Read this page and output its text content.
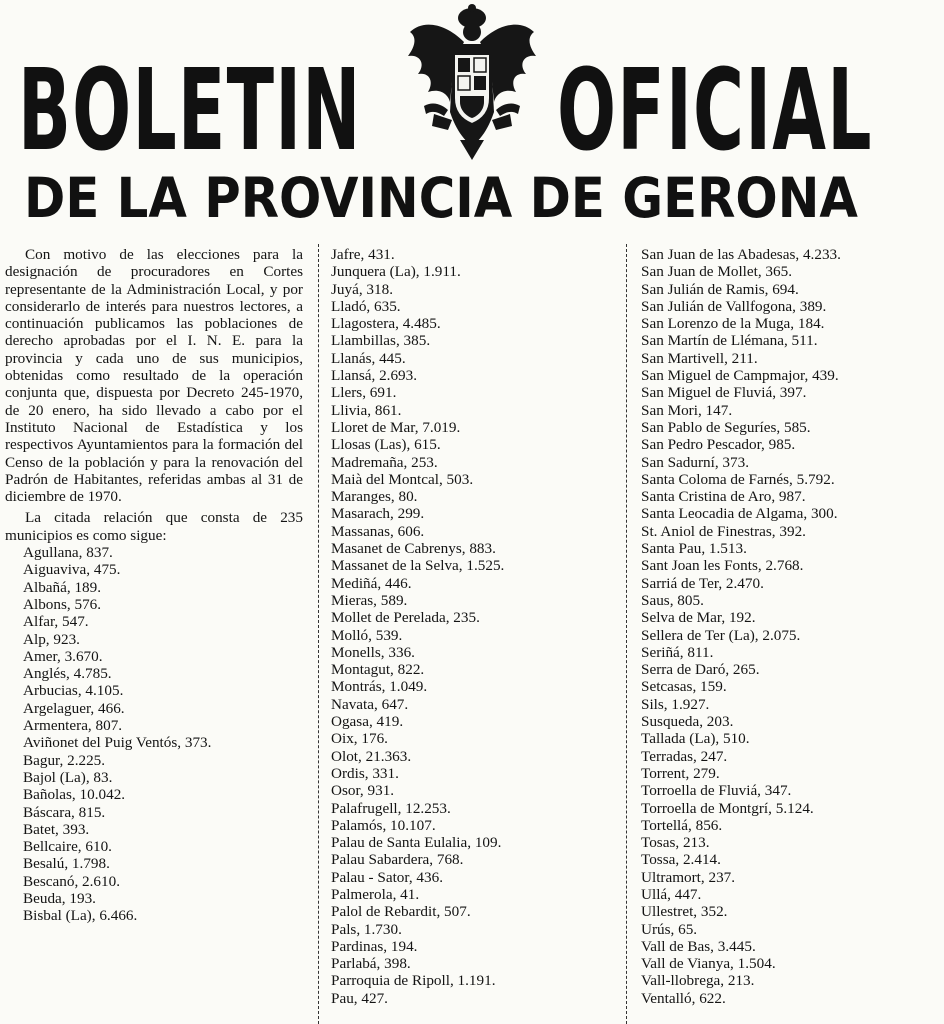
BOLETIN OFICIAL
DE LA PROVINCIA DE GERONA

Con motivo de las elecciones para la designación de procuradores en Cortes representante de la Administración Local, y por considerarlo de interés para nuestros lectores, a continuación publicamos las poblaciones de derecho aprobadas por el I. N. E. para la provincia y cada uno de sus municipios, obtenidas como resultado de la operación conjunta que, dispuesta por Decreto 245-1970, de 20 enero, ha sido llevado a cabo por el Instituto Nacional de Estadística y los respectivos Ayuntamientos para la formación del Censo de la población y para la renovación del Padrón de Habitantes, referidas ambas al 31 de diciembre de 1970.

La citada relación que consta de 235 municipios es como sigue:

Agullana, 837.
Aiguaviva, 475.
Albañá, 189.
Albons, 576.
Alfar, 547.
Alp, 923.
Amer, 3.670.
Anglés, 4.785.
Arbucias, 4.105.
Argelaguer, 466.
Armentera, 807.
Aviñonet del Puig Ventós, 373.
Bagur, 2.225.
Bajol (La), 83.
Bañolas, 10.042.
Báscara, 815.
Batet, 393.
Bellcaire, 610.
Besalú, 1.798.
Bescanó, 2.610.
Beuda, 193.
Bisbal (La), 6.466.
Jafre, 431.
Junquera (La), 1.911.
Juyá, 318.
Lladó, 635.
Llagostera, 4.485.
Llambillas, 385.
Llanás, 445.
Llansá, 2.693.
Llers, 691.
Llivia, 861.
Lloret de Mar, 7.019.
Llosas (Las), 615.
Madremaña, 253.
Maià del Montcal, 503.
Maranges, 80.
Masarach, 299.
Massanas, 606.
Masanet de Cabrenys, 883.
Massanet de la Selva, 1.525.
Mediñá, 446.
Mieras, 589.
Mollet de Perelada, 235.
Molló, 539.
Monells, 336.
Montagut, 822.
Montrás, 1.049.
Navata, 647.
Ogasa, 419.
Oix, 176.
Olot, 21.363.
Ordis, 331.
Osor, 931.
Palafrugell, 12.253.
Palamós, 10.107.
Palau de Santa Eulalia, 109.
Palau Sabardera, 768.
Palau - Sator, 436.
Palmerola, 41.
Palol de Rebardit, 507.
Pals, 1.730.
Pardinas, 194.
Parlabá, 398.
Parroquia de Ripoll, 1.191.
Pau, 427.
San Juan de las Abadesas, 4.233.
San Juan de Mollet, 365.
San Julián de Ramis, 694.
San Julián de Vallfogona, 389.
San Lorenzo de la Muga, 184.
San Martín de Llémana, 511.
San Martivell, 211.
San Miguel de Campmajor, 439.
San Miguel de Fluviá, 397.
San Mori, 147.
San Pablo de Seguríes, 585.
San Pedro Pescador, 985.
San Sadurní, 373.
Santa Coloma de Farnés, 5.792.
Santa Cristina de Aro, 987.
Santa Leocadia de Algama, 300.
St. Aniol de Finestras, 392.
Santa Pau, 1.513.
Sant Joan les Fonts, 2.768.
Sarriá de Ter, 2.470.
Saus, 805.
Selva de Mar, 192.
Sellera de Ter (La), 2.075.
Seriñá, 811.
Serra de Daró, 265.
Setcasas, 159.
Sils, 1.927.
Susqueda, 203.
Tallada (La), 510.
Terradas, 247.
Torrent, 279.
Torroella de Fluviá, 347.
Torroella de Montgrí, 5.124.
Tortellá, 856.
Tosas, 213.
Tossa, 2.414.
Ultramort, 237.
Ullá, 447.
Ullestret, 352.
Urús, 65.
Vall de Bas, 3.445.
Vall de Vianya, 1.504.
Vall-llobrega, 213.
Ventalló, 622.
